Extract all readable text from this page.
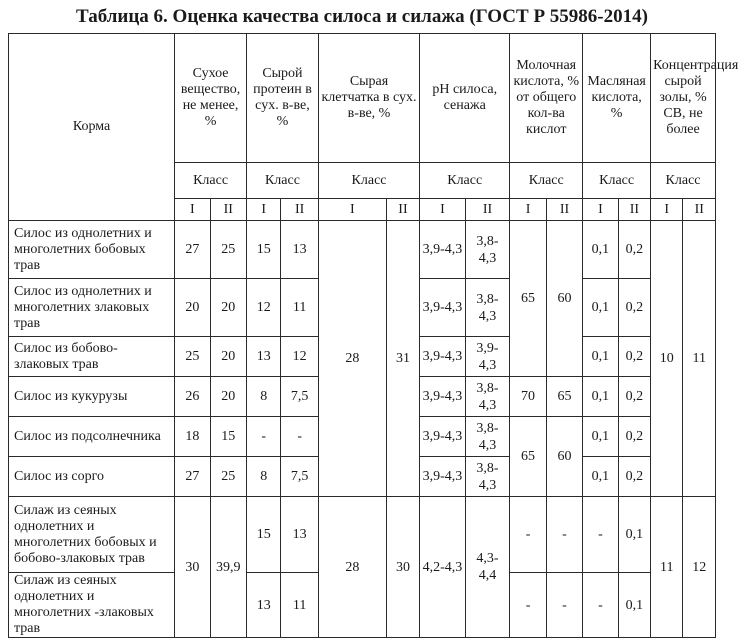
Таблица 6. Оценка качества силоса и силажа (ГОСТ Р 55986-2014)
Корма	Сухое вещество, не менее, %		Сырой протеин в сух. в-ве, %		Сырая клетчатка в сух. в-ве, %		pH силоса, сенажа		Молочная кислота, % от общего кол-ва кислот		Масляная кислота, %		Концентрация сырой золы, % СВ, не более	
	Класс		Класс		Класс		Класс		Класс		Класс		Класс	
	I	II	I	II	I	II	I	II	I	II	I	II	I	II
Силос из однолетних и многолетних бобовых трав	27	25	15	13	28	31	3,9-4,3	3,8-4,3	65	60	0,1	0,2	10	11
Силос из однолетних и многолетних злаковых трав	20	20	12	11			3,9-4,3	3,8-4,3			0,1	0,2		
Силос из бобово-злаковых трав	25	20	13	12			3,9-4,3	3,9-4,3			0,1	0,2		
Силос из кукурузы	26	20	8	7,5			3,9-4,3	3,8-4,3	70	65	0,1	0,2		
Силос из подсолнечника	18	15	-	-			3,9-4,3	3,8-4,3	65	60	0,1	0,2		
Силос из сорго	27	25	8	7,5			3,9-4,3	3,8-4,3			0,1	0,2		
Силаж из сеяных однолетних и многолетних бобовых и бобово-злаковых трав	30	39,9	15	13	28	30	4,2-4,3	4,3-4,4	-	-	-	0,1	11	12
Силаж из сеяных однолетних и многолетних -злаковых трав			13	11					-	-	-	0,1		
